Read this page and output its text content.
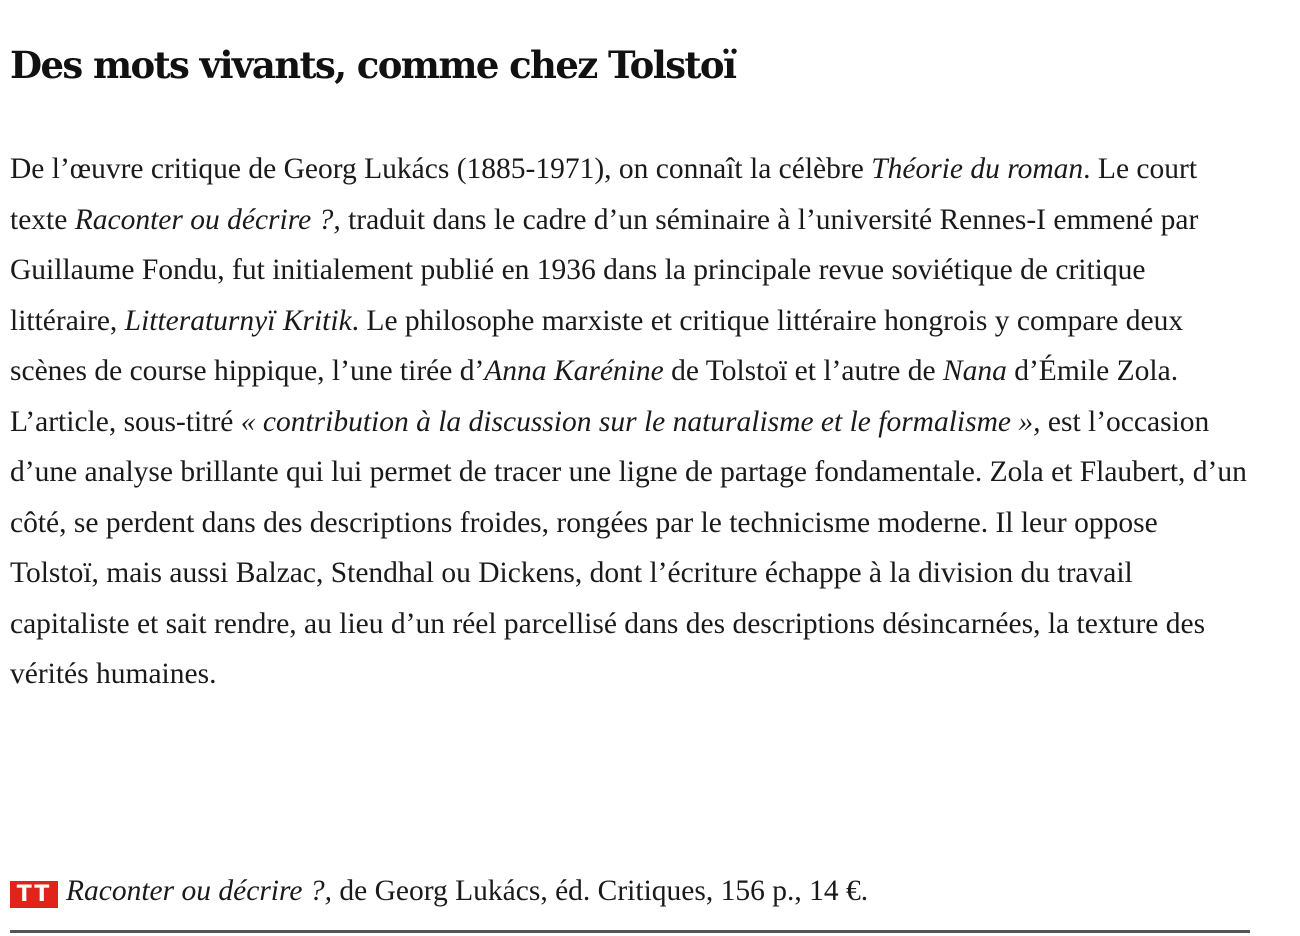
Des mots vivants, comme chez Tolstoï

De l’œuvre critique de Georg Lukács (1885-1971), on connaît la célèbre Théorie du roman. Le court texte Raconter ou décrire ?, traduit dans le cadre d’un séminaire à l’université Rennes-I emmené par Guillaume Fondu, fut initialement publié en 1936 dans la principale revue soviétique de critique littéraire, Litteraturnyï Kritik. Le philosophe marxiste et critique littéraire hongrois y compare deux scènes de course hippique, l’une tirée d’Anna Karénine de Tolstoï et l’autre de Nana d’Émile Zola. L’article, sous-titré « contribution à la discussion sur le naturalisme et le formalisme », est l’occasion d’une analyse brillante qui lui permet de tracer une ligne de partage fondamentale. Zola et Flaubert, d’un côté, se perdent dans des descriptions froides, rongées par le technicisme moderne. Il leur oppose Tolstoï, mais aussi Balzac, Stendhal ou Dickens, dont l’écriture échappe à la division du travail capitaliste et sait rendre, au lieu d’un réel parcellisé dans des descriptions désincarnées, la texture des vérités humaines.

TT Raconter ou décrire ?, de Georg Lukács, éd. Critiques, 156 p., 14 €.
